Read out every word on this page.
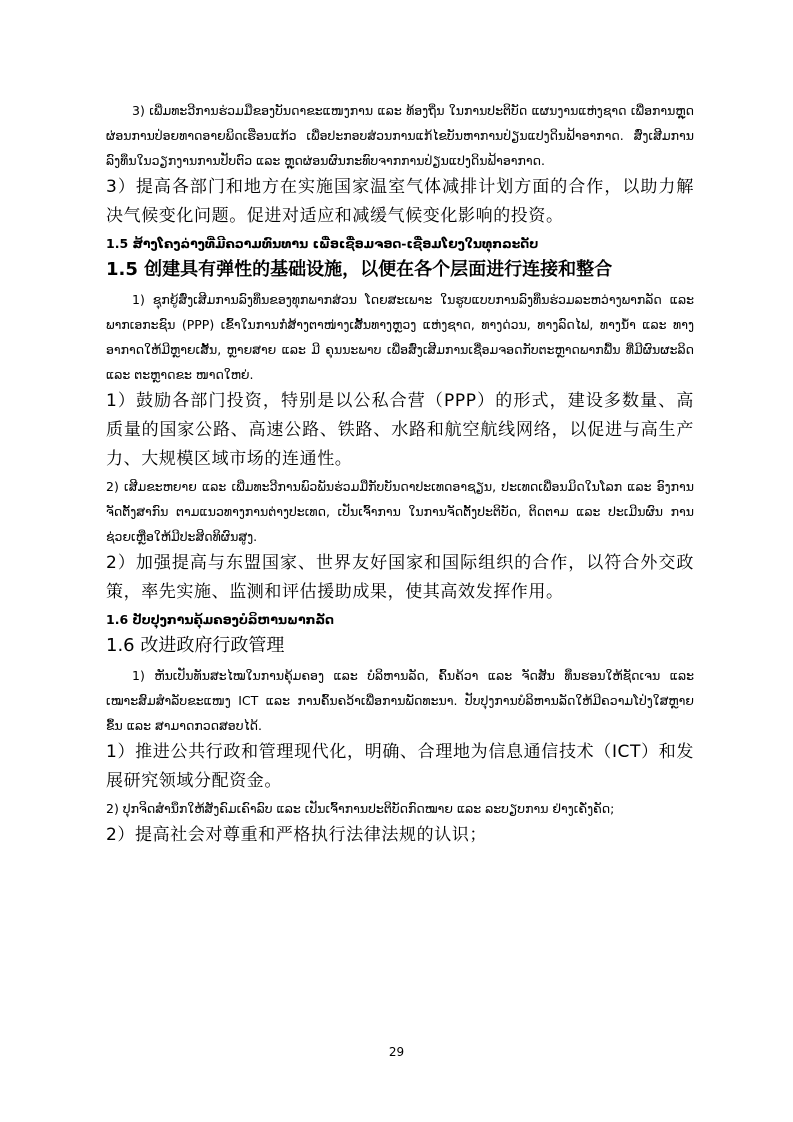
3) ເພີ່ມທະວີການຮ່ວມມືຂອງບັນດາຂະແໜງການ ແລະ ທ້ອງຖິ່ນ ໃນການປະຕິບັດ ແຜນງານແຫ່ງຊາດ ເພື່ອການຫຼຸດຜ່ອນການປ່ອຍທາດອາຍພິດເຮືອນແກ້ວ ເພື່ອປະກອບສ່ວນການແກ້ໄຂບັນຫາການປ່ຽນແປງດິນຟ້າອາກາດ. ສົ່ງເສີມການລົງທຶນໃນວຽກງານການປັບຕົວ ແລະ ຫຼຸດຜ່ອນຜົນກະທົບຈາກການປ່ຽນແປງດິນຟ້າອາກາດ.

3）提高各部门和地方在实施国家温室气体减排计划方面的合作，以助力解决气候变化问题。促进对适应和减缓气候变化影响的投资。

1.5 ສ້າງໂຄງລ່າງທີ່ມີຄວາມທົນທານ ເພື່ອເຊື່ອມຈອດ-ເຊື່ອມໂຍງໃນທຸກລະດັບ

1.5 创建具有弹性的基础设施，以便在各个层面进行连接和整合

1) ຊຸກຍູ້ສົ່ງເສີມການລົງທຶນຂອງທຸກພາກສ່ວນ ໂດຍສະເພາະ ໃນຮູບແບບການລົງທຶນຮ່ວມລະຫວ່າງພາກລັດ ແລະ ພາກເອກະຊົນ (PPP) ເຂົ້າໃນການກໍ່ສ້າງຕາໜ່າງເສັ້ນທາງຫຼວງ ແຫ່ງຊາດ, ທາງດ່ວນ, ທາງລົດໄຟ, ທາງນ້ຳ ແລະ ທາງອາກາດໃຫ້ມີຫຼາຍເສັ້ນ, ຫຼາຍສາຍ ແລະ ມີ ຄຸນນະພາບ ເພື່ອສົ່ງເສີມການເຊື່ອມຈອດກັບຕະຫຼາດພາກພື້ນ ທີ່ມີຜົນຜະລິດ ແລະ ຕະຫຼາດຂະ ໜາດໃຫຍ່.

1）鼓励各部门投资，特别是以公私合营（PPP）的形式，建设多数量、高质量的国家公路、高速公路、铁路、水路和航空航线网络，以促进与高生产力、大规模区域市场的连通性。

2) ເສີມຂະຫຍາຍ ແລະ ເພີ່ມທະວີການພົວພັນຮ່ວມມືກັບບັນດາປະເທດອາຊຽນ, ປະເທດເພື່ອນມິດໃນໂລກ ແລະ ອົງການຈັດຕັ້ງສາກົນ ຕາມແນວທາງການຕ່າງປະເທດ, ເປັນເຈົ້າການ ໃນການຈັດຕັ້ງປະຕິບັດ, ຕິດຕາມ ແລະ ປະເມີນຜົນ ການຊ່ວຍເຫຼືອໃຫ້ມີປະສິດທິຜົນສູງ.

2）加强提高与东盟国家、世界友好国家和国际组织的合作，以符合外交政策，率先实施、监测和评估援助成果，使其高效发挥作用。

1.6 ປັບປຸງການຄຸ້ມຄອງບໍລິຫານພາກລັດ

1.6 改进政府行政管理

1) ຫັນເປັນທັນສະໄໝໃນການຄຸ້ມຄອງ ແລະ ບໍລິຫານລັດ, ຄົ້ນຄ້ວາ ແລະ ຈັດສັນ ທຶນຮອນໃຫ້ຊັດເຈນ ແລະ ເໝາະສົມສຳລັບຂະແໜງ ICT ແລະ ການຄົ້ນຄວ້າເພື່ອການພັດທະນາ. ປັບປຸງການບໍລິຫານລັດໃຫ້ມີຄວາມໂປ່ງໃສຫຼາຍຂຶ້ນ ແລະ ສາມາດກວດສອບໄດ້.

1）推进公共行政和管理现代化，明确、合理地为信息通信技术（ICT）和发展研究领域分配资金。

2) ປຸກຈິດສຳນຶກໃຫ້ສັງຄົມເຄົາລົບ ແລະ ເປັນເຈົ້າການປະຕິບັດກົດໝາຍ ແລະ ລະບຽບການ ຢ່າງເຄັ່ງຄັດ;

2）提高社会对尊重和严格执行法律法规的认识；

29
